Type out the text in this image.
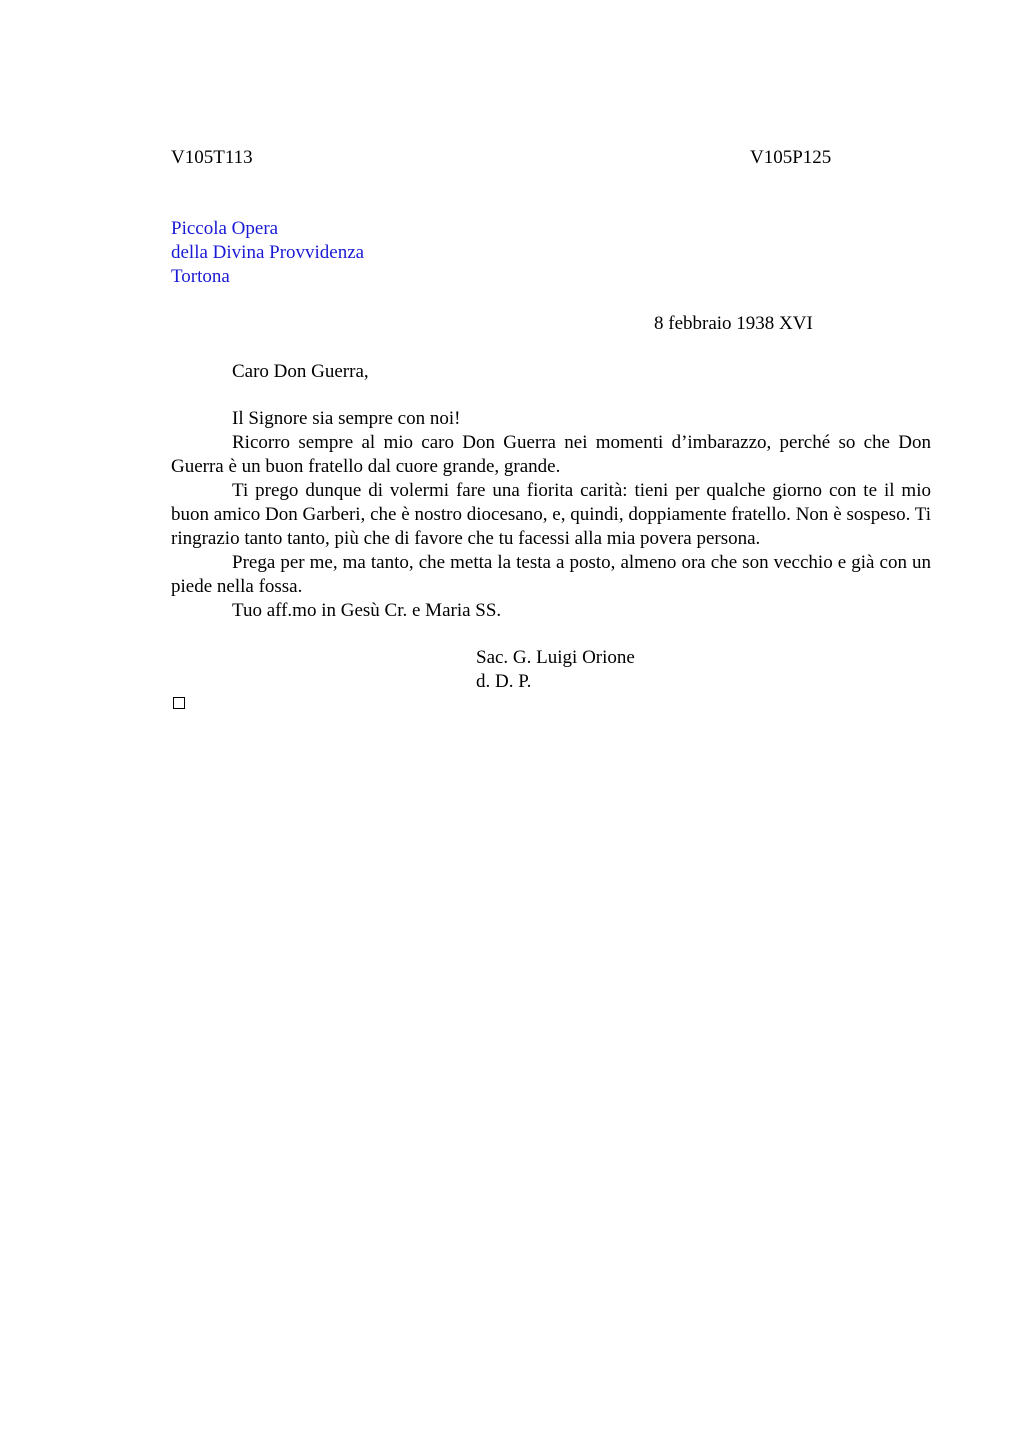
V105T113	V105P125
Piccola Opera
della Divina Provvidenza
Tortona
8 febbraio 1938 XVI
Caro Don Guerra,

Il Signore sia sempre con noi!

Ricorro sempre al mio caro Don Guerra nei momenti d’imbarazzo, perché so che Don Guerra è un buon fratello dal cuore grande, grande.

Ti prego dunque di volermi fare una fiorita carità: tieni per qualche giorno con te il mio buon amico Don Garberi, che è nostro diocesano, e, quindi, doppiamente fratello. Non è sospeso. Ti ringrazio tanto tanto, più che di favore che tu facessi alla mia povera persona.

Prega per me, ma tanto, che metta la testa a posto, almeno ora che son vecchio e già con un piede nella fossa.

Tuo aff.mo in Gesù Cr. e Maria SS.

Sac. G. Luigi Orione
d. D. P.
